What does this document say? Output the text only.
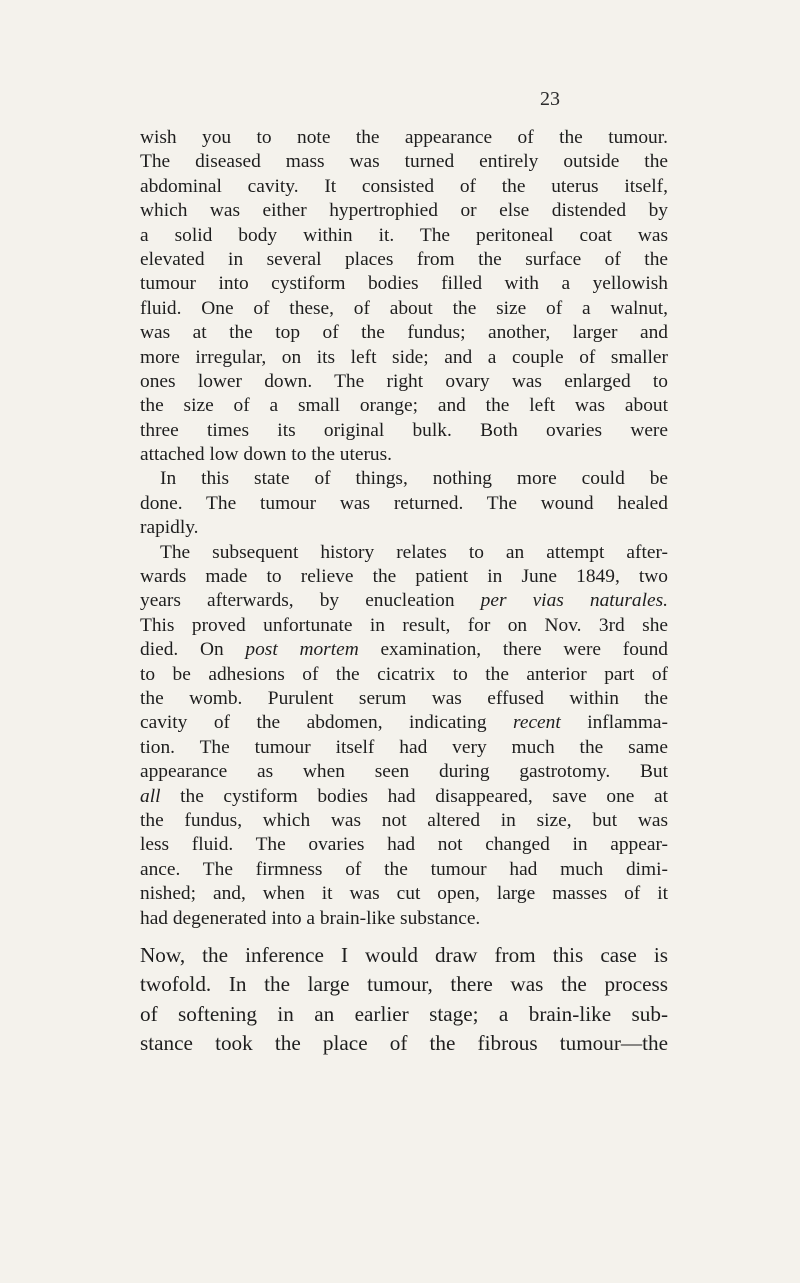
23

wish you to note the appearance of the tumour.
The diseased mass was turned entirely outside the
abdominal cavity. It consisted of the uterus itself,
which was either hypertrophied or else distended by
a solid body within it. The peritoneal coat was
elevated in several places from the surface of the
tumour into cystiform bodies filled with a yellowish
fluid. One of these, of about the size of a walnut,
was at the top of the fundus; another, larger and
more irregular, on its left side; and a couple of smaller
ones lower down. The right ovary was enlarged to
the size of a small orange; and the left was about
three times its original bulk. Both ovaries were
attached low down to the uterus.
In this state of things, nothing more could be
done. The tumour was returned. The wound healed
rapidly.
The subsequent history relates to an attempt after-
wards made to relieve the patient in June 1849, two
years afterwards, by enucleation per vias naturales.
This proved unfortunate in result, for on Nov. 3rd she
died. On post mortem examination, there were found
to be adhesions of the cicatrix to the anterior part of
the womb. Purulent serum was effused within the
cavity of the abdomen, indicating recent inflamma-
tion. The tumour itself had very much the same
appearance as when seen during gastrotomy. But
all the cystiform bodies had disappeared, save one at
the fundus, which was not altered in size, but was
less fluid. The ovaries had not changed in appear-
ance. The firmness of the tumour had much dimi-
nished; and, when it was cut open, large masses of it
had degenerated into a brain-like substance.
Now, the inference I would draw from this case is
twofold. In the large tumour, there was the process
of softening in an earlier stage; a brain-like sub-
stance took the place of the fibrous tumour—the
